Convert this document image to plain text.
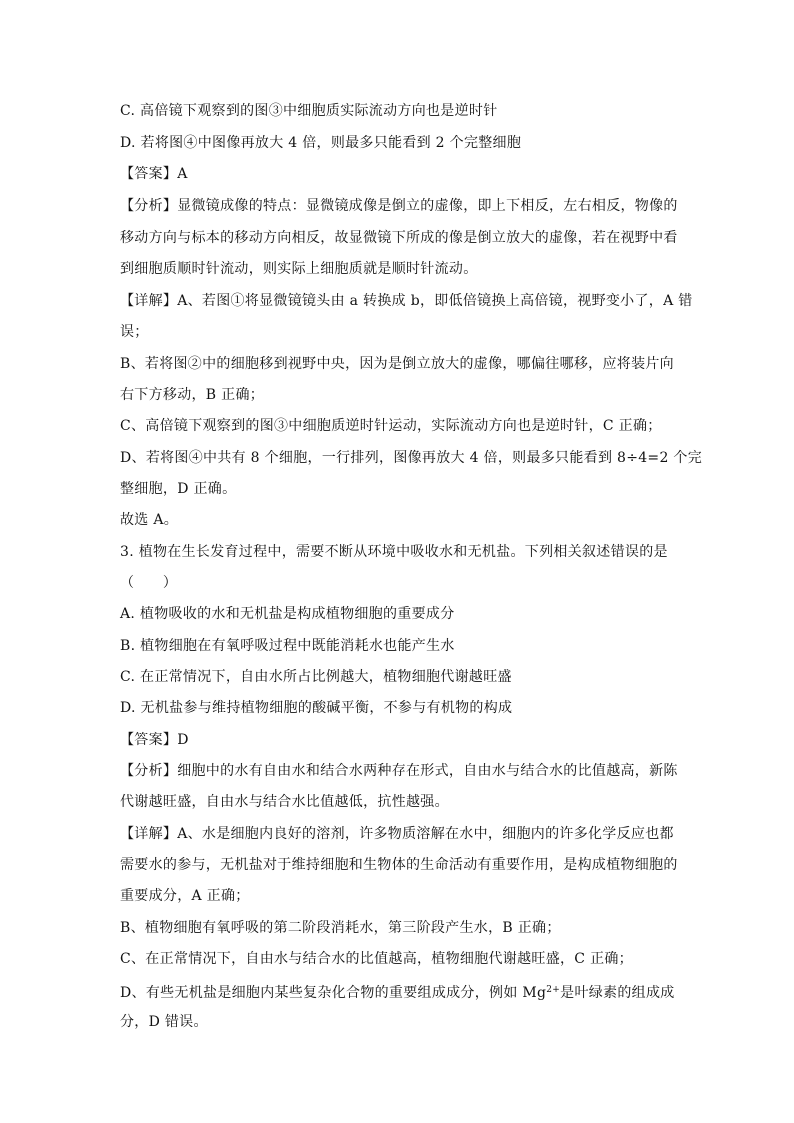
C. 高倍镜下观察到的图③中细胞质实际流动方向也是逆时针
D. 若将图④中图像再放大 4 倍，则最多只能看到 2 个完整细胞
【答案】A
【分析】显微镜成像的特点：显微镜成像是倒立的虚像，即上下相反，左右相反，物像的
移动方向与标本的移动方向相反，故显微镜下所成的像是倒立放大的虚像，若在视野中看
到细胞质顺时针流动，则实际上细胞质就是顺时针流动。
【详解】A、若图①将显微镜镜头由 a 转换成 b，即低倍镜换上高倍镜，视野变小了，A 错
误；
B、若将图②中的细胞移到视野中央，因为是倒立放大的虚像，哪偏往哪移，应将装片向
右下方移动，B 正确；
C、高倍镜下观察到的图③中细胞质逆时针运动，实际流动方向也是逆时针，C 正确；
D、若将图④中共有 8 个细胞，一行排列，图像再放大 4 倍，则最多只能看到 8÷4=2 个完
整细胞，D 正确。
故选 A。
3. 植物在生长发育过程中，需要不断从环境中吸收水和无机盐。下列相关叙述错误的是
（　　）
A. 植物吸收的水和无机盐是构成植物细胞的重要成分
B. 植物细胞在有氧呼吸过程中既能消耗水也能产生水
C. 在正常情况下，自由水所占比例越大，植物细胞代谢越旺盛
D. 无机盐参与维持植物细胞的酸碱平衡，不参与有机物的构成
【答案】D
【分析】细胞中的水有自由水和结合水两种存在形式，自由水与结合水的比值越高，新陈
代谢越旺盛，自由水与结合水比值越低，抗性越强。
【详解】A、水是细胞内良好的溶剂，许多物质溶解在水中，细胞内的许多化学反应也都
需要水的参与，无机盐对于维持细胞和生物体的生命活动有重要作用，是构成植物细胞的
重要成分，A 正确；
B、植物细胞有氧呼吸的第二阶段消耗水，第三阶段产生水，B 正确；
C、在正常情况下，自由水与结合水的比值越高，植物细胞代谢越旺盛，C 正确；
D、有些无机盐是细胞内某些复杂化合物的重要组成成分，例如 $Mg^{2+}$是叶绿素的组成成
分，D 错误。
